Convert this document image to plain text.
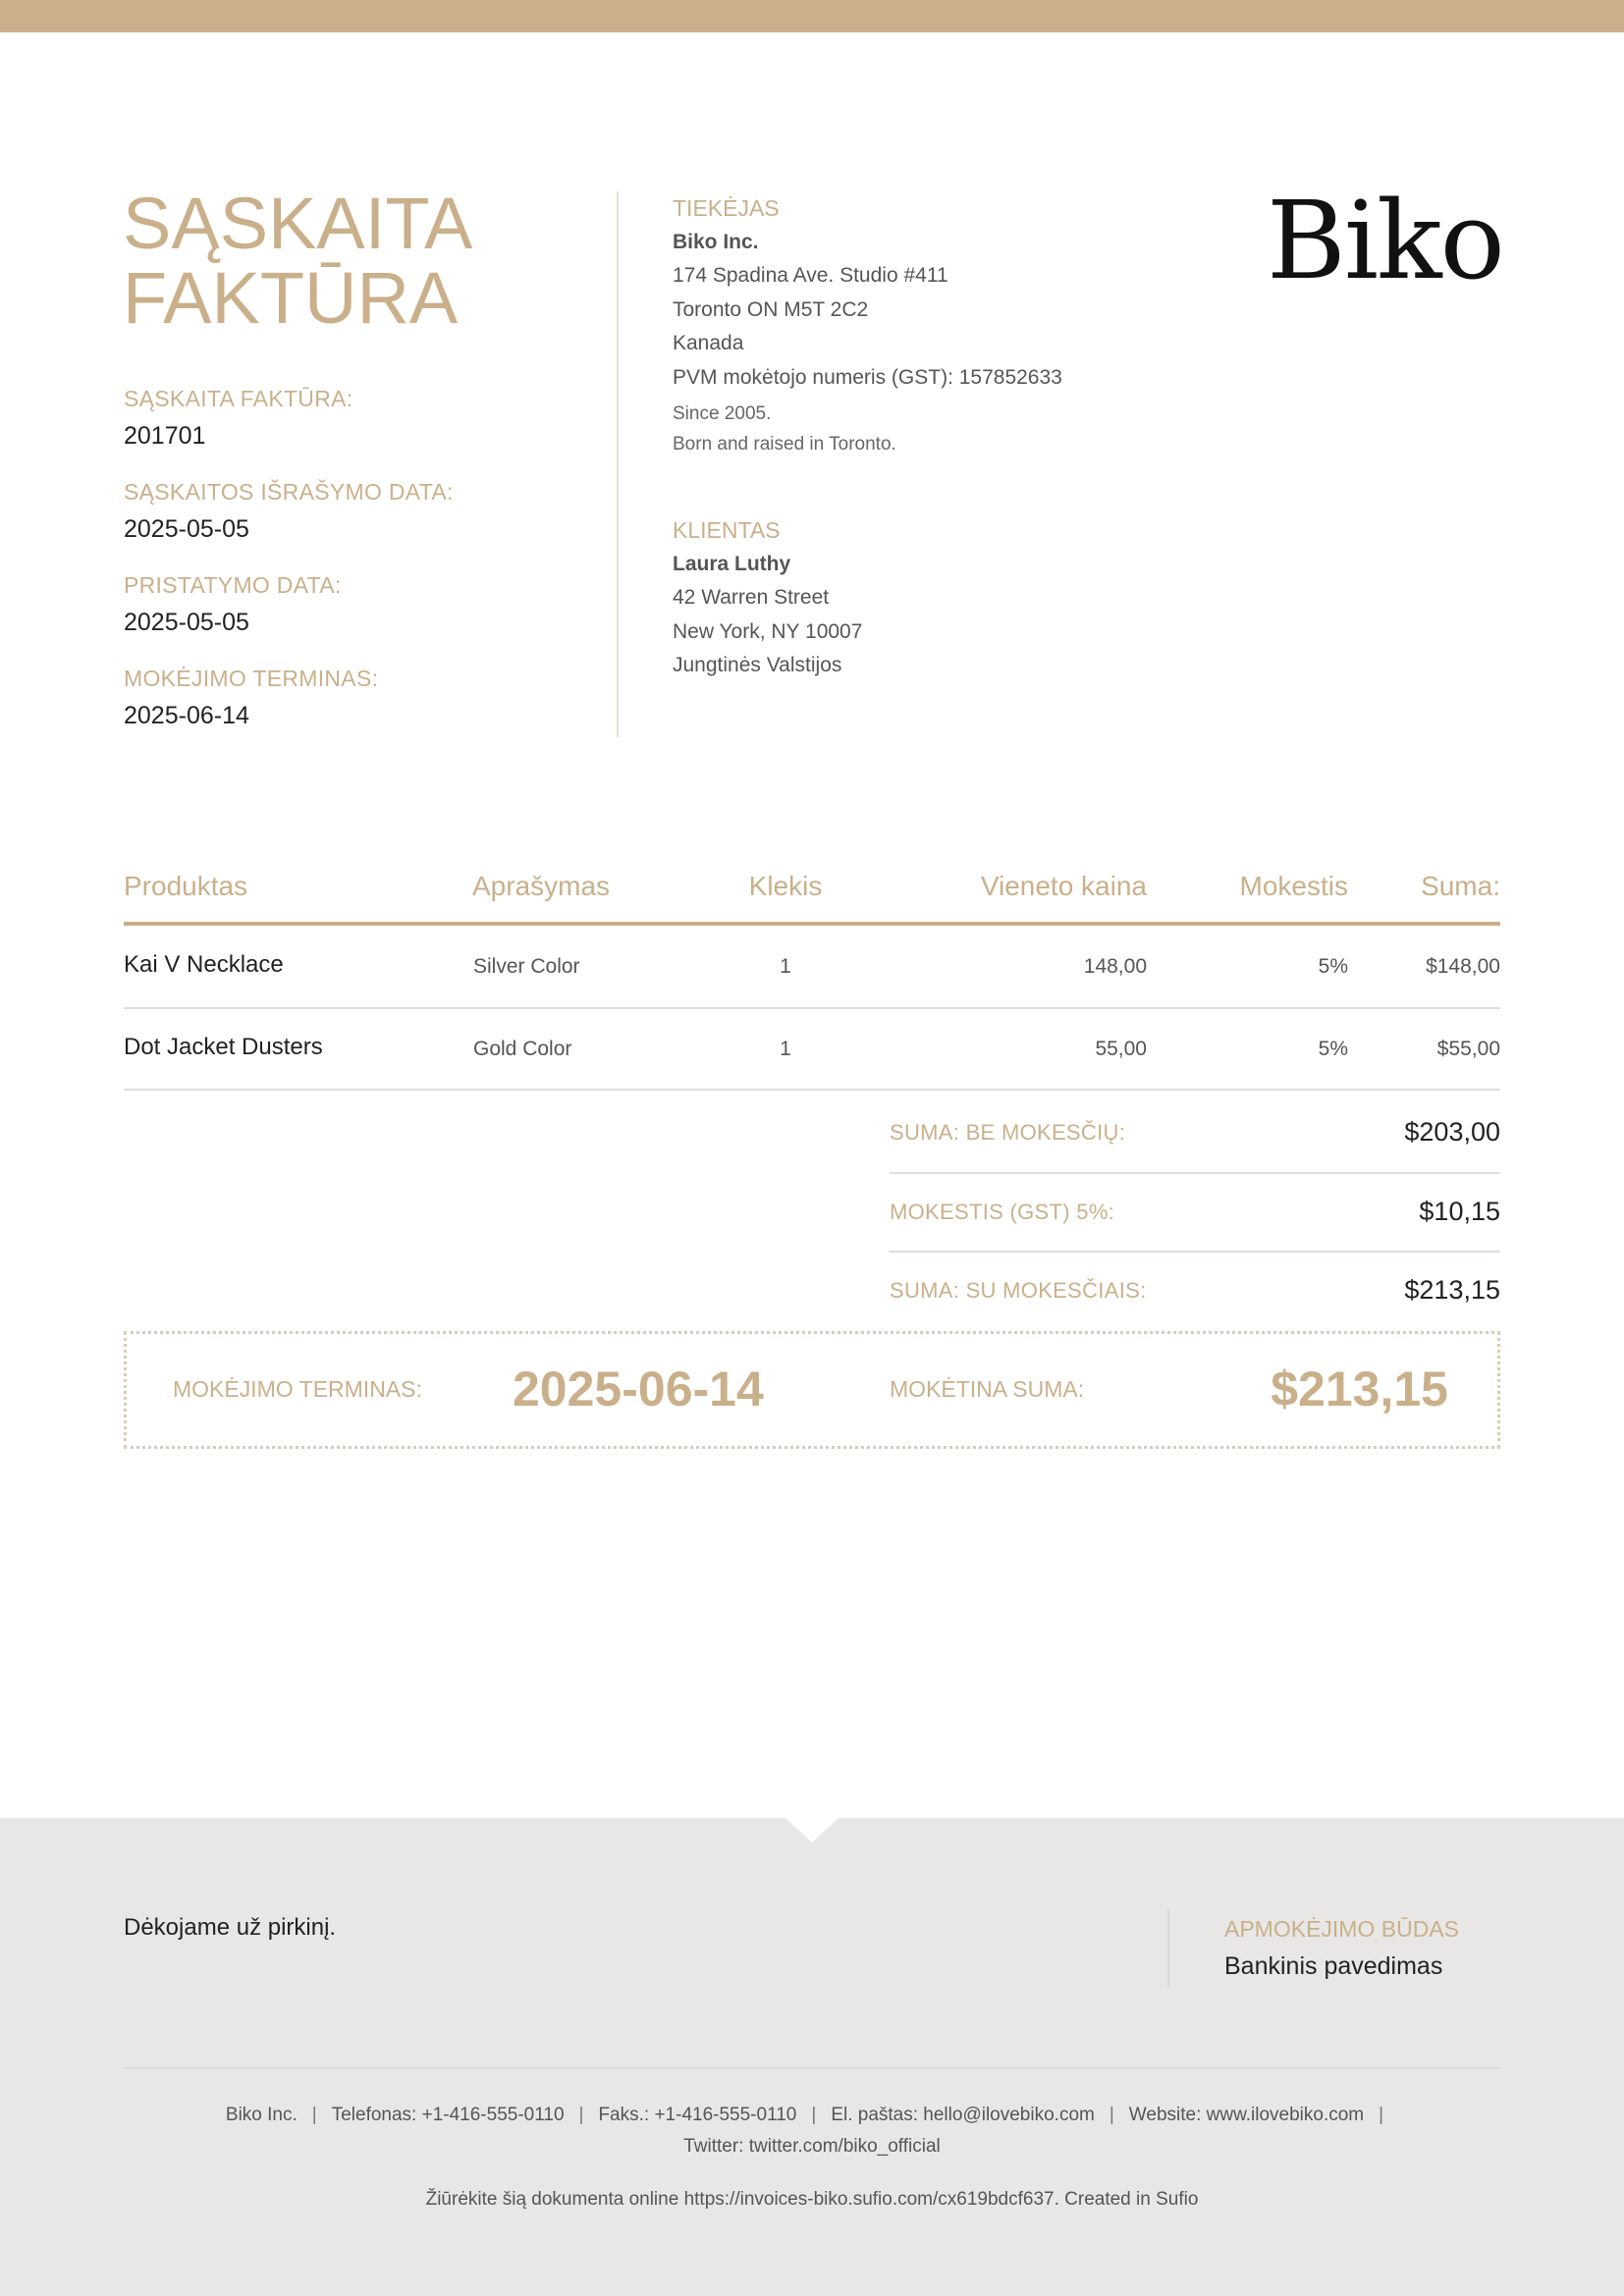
SĄSKAITA
FAKTŪRA
SĄSKAITA FAKTŪRA:
201701
SĄSKAITOS IŠRAŠYMO DATA:
2025-05-05
PRISTATYMO DATA:
2025-05-05
MOKĖJIMO TERMINAS:
2025-06-14
TIEKĖJAS
Biko Inc.
174 Spadina Ave. Studio #411
Toronto ON M5T 2C2
Kanada
PVM mokėtojo numeris (GST): 157852633
Since 2005.
Born and raised in Toronto.
KLIENTAS
Laura Luthy
42 Warren Street
New York, NY 10007
Jungtinės Valstijos
Biko
Produktas	Aprašymas	Klekis	Vieneto kaina	Mokestis	Suma:
Kai V Necklace	Silver Color	1	148,00	5%	$148,00
Dot Jacket Dusters	Gold Color	1	55,00	5%	$55,00
SUMA: BE MOKESČIŲ:	$203,00
MOKESTIS (GST) 5%:	$10,15
SUMA: SU MOKESČIAIS:	$213,15
MOKĖJIMO TERMINAS: 2025-06-14	MOKĖTINA SUMA:	$213,15
Dėkojame už pirkinį.	APMOKĖJIMO BŪDAS
Bankinis pavedimas
Biko Inc. | Telefonas: +1-416-555-0110 | Faks.: +1-416-555-0110 | El. paštas: hello@ilovebiko.com | Website: www.ilovebiko.com |
Twitter: twitter.com/biko_official
Žiūrėkite šią dokumenta online https://invoices-biko.sufio.com/cx619bdcf637. Created in Sufio
